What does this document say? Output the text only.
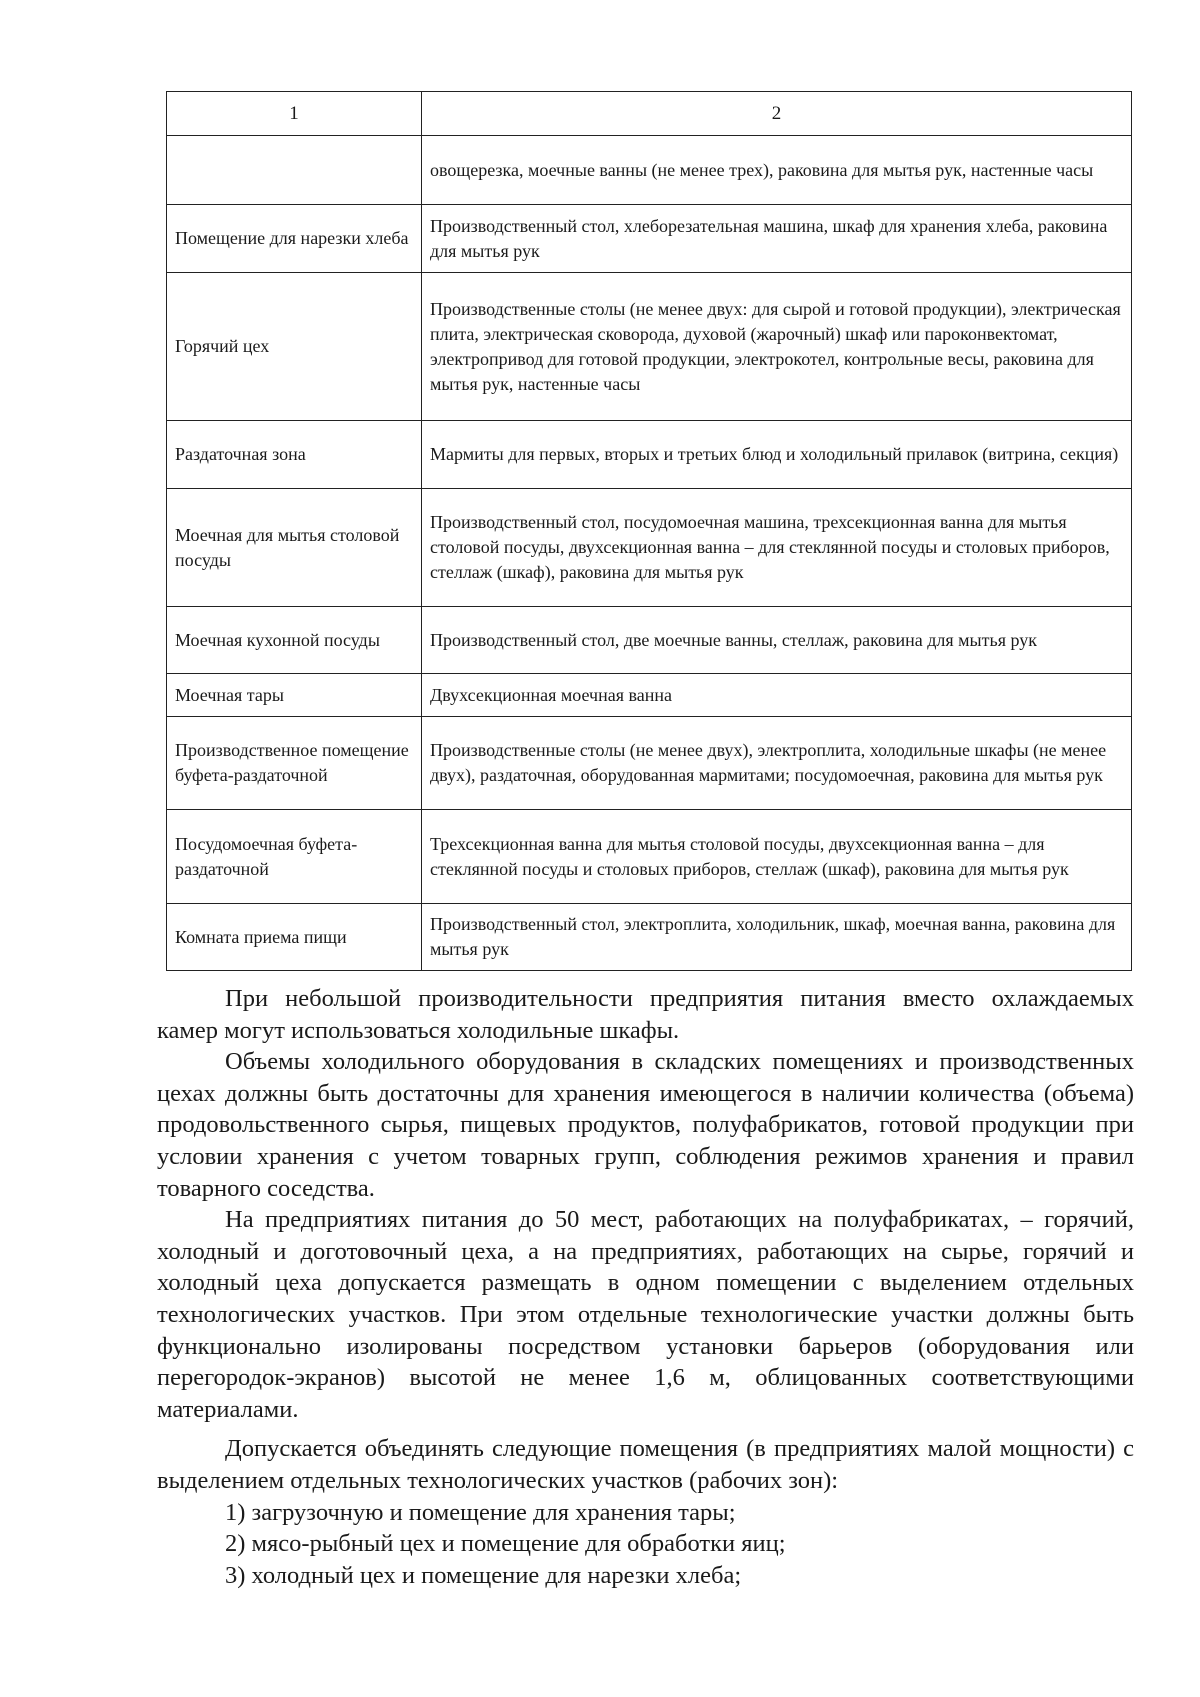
1	2
	овощерезка, моечные ванны (не менее трех), раковина для мытья рук, настенные часы
Помещение для нарезки хлеба	Производственный стол, хлеборезательная машина, шкаф для хранения хлеба, раковина для мытья рук
Горячий цех	Производственные столы (не менее двух: для сырой и готовой продукции), электрическая плита, электрическая сковорода, духовой (жарочный) шкаф или пароконвектомат, электропривод для готовой продукции, электрокотел, контрольные весы, раковина для мытья рук, настенные часы
Раздаточная зона	Мармиты для первых, вторых и третьих блюд и холодильный прилавок (витрина, секция)
Моечная для мытья столовой посуды	Производственный стол, посудомоечная машина, трехсекционная ванна для мытья столовой посуды, двухсекционная ванна – для стеклянной посуды и столовых приборов, стеллаж (шкаф), раковина для мытья рук
Моечная кухонной посуды	Производственный стол, две моечные ванны, стеллаж, раковина для мытья рук
Моечная тары	Двухсекционная моечная ванна
Производственное помещение буфета-раздаточной	Производственные столы (не менее двух), электроплита, холодильные шкафы (не менее двух), раздаточная, оборудованная мармитами; посудомоечная, раковина для мытья рук
Посудомоечная буфета-раздаточной	Трехсекционная ванна для мытья столовой посуды, двухсекционная ванна – для стеклянной посуды и столовых приборов, стеллаж (шкаф), раковина для мытья рук
Комната приема пищи	Производственный стол, электроплита, холодильник, шкаф, моечная ванна, раковина для мытья рук

При небольшой производительности предприятия питания вместо охлаждаемых камер могут использоваться холодильные шкафы.

Объемы холодильного оборудования в складских помещениях и производственных цехах должны быть достаточны для хранения имеющегося в наличии количества (объема) продовольственного сырья, пищевых продуктов, полуфабрикатов, готовой продукции при условии хранения с учетом товарных групп, соблюдения режимов хранения и правил товарного соседства.

На предприятиях питания до 50 мест, работающих на полуфабрикатах, – горячий, холодный и доготовочный цеха, а на предприятиях, работающих на сырье, горячий и холодный цеха допускается размещать в одном помещении с выделением отдельных технологических участков. При этом отдельные технологические участки должны быть функционально изолированы посредством установки барьеров (оборудования или перегородок-экранов) высотой не менее 1,6 м, облицованных соответствующими материалами.

Допускается объединять следующие помещения (в предприятиях малой мощности) с выделением отдельных технологических участков (рабочих зон):

1) загрузочную и помещение для хранения тары;

2) мясо-рыбный цех и помещение для обработки яиц;

3) холодный цех и помещение для нарезки хлеба;
